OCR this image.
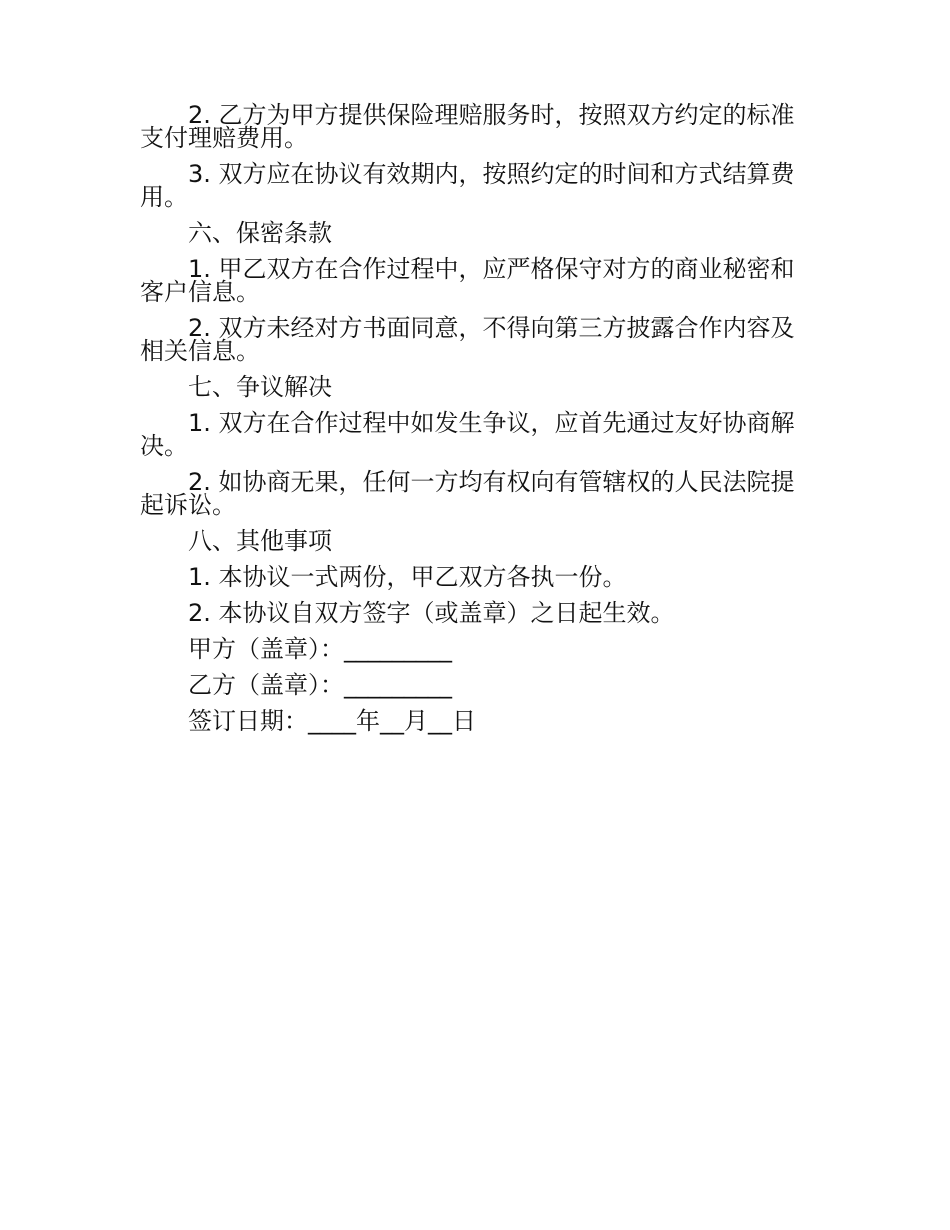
2. 乙方为甲方提供保险理赔服务时，按照双方约定的标准支付理赔费用。

3. 双方应在协议有效期内，按照约定的时间和方式结算费用。

六、保密条款

1. 甲乙双方在合作过程中，应严格保守对方的商业秘密和客户信息。

2. 双方未经对方书面同意，不得向第三方披露合作内容及相关信息。

七、争议解决

1. 双方在合作过程中如发生争议，应首先通过友好协商解决。

2. 如协商无果，任何一方均有权向有管辖权的人民法院提起诉讼。

八、其他事项

1. 本协议一式两份，甲乙双方各执一份。

2. 本协议自双方签字（或盖章）之日起生效。

甲方（盖章）：_________

乙方（盖章）：_________

签订日期：____年__月__日
